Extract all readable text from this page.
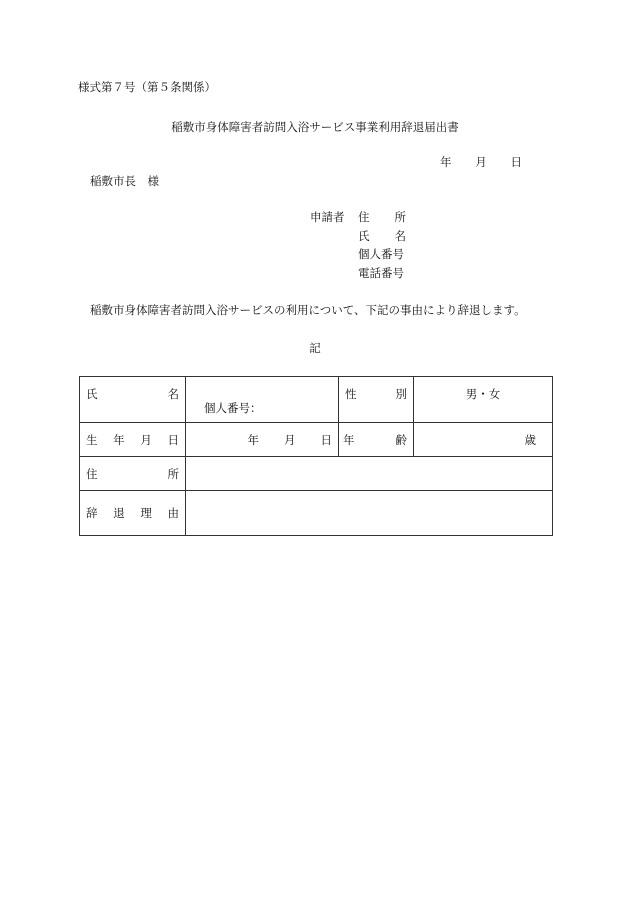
様式第７号（第５条関係）
稲敷市身体障害者訪問入浴サービス事業利用辞退届出書
年 月 日
稲敷市長　様
申請者 住 所
氏 名
個人番号
電話番号
稲敷市身体障害者訪問入浴サービスの利用について、下記の事由により辞退します。
記
氏 名	個人番号：	性 別	男・女

生 年 月 日	年 月 日	年 齢	歳

住 所			

辞 退 理 由			
